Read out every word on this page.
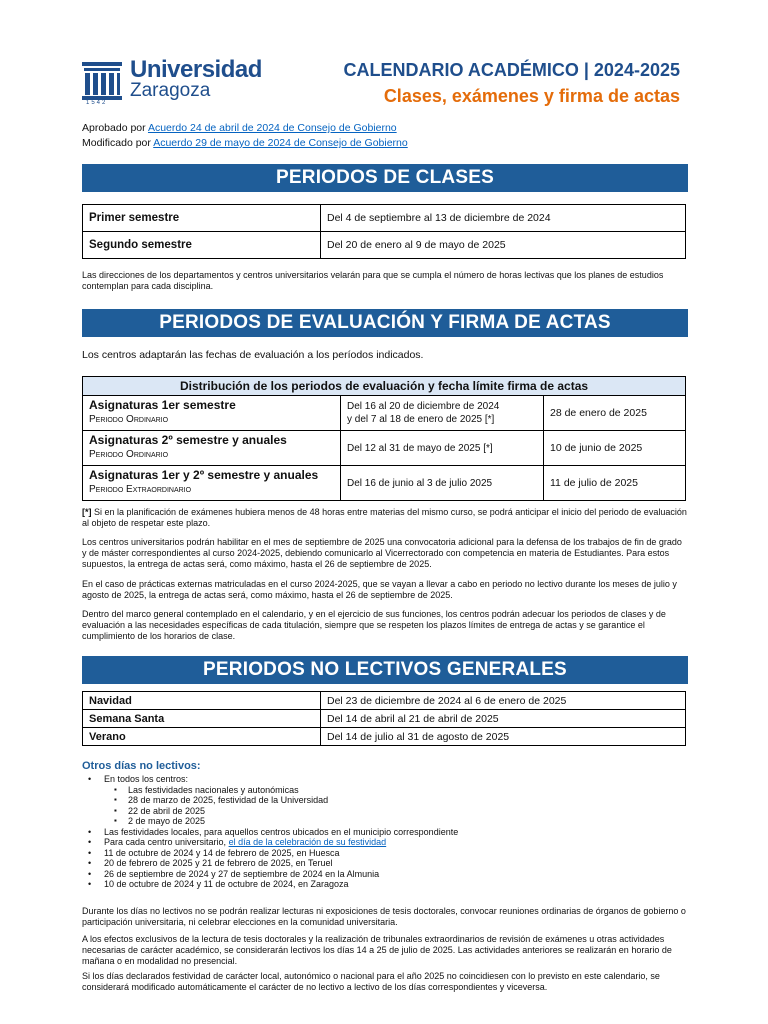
1542
Universidad
Zaragoza
CALENDARIO ACADÉMICO | 2024-2025
Clases, exámenes y firma de actas
Aprobado por Acuerdo 24 de abril de 2024 de Consejo de Gobierno
Modificado por Acuerdo 29 de mayo de 2024 de Consejo de Gobierno
PERIODOS DE CLASES
Primer semestre	Del 4 de septiembre al 13 de diciembre de 2024
Segundo semestre	Del 20 de enero al 9 de mayo de 2025
Las direcciones de los departamentos y centros universitarios velarán para que se cumpla el número de horas lectivas que los planes de estudios contemplan para cada disciplina.
PERIODOS DE EVALUACIÓN Y FIRMA DE ACTAS
Los centros adaptarán las fechas de evaluación a los períodos indicados.
Distribución de los periodos de evaluación y fecha límite firma de actas		

Asignaturas 1er semestre
Periodo Ordinario	Del 16 al 20 de diciembre de 2024
y del 7 al 18 de enero de 2025 [*]	28 de enero de 2025

Asignaturas 2º semestre y anuales
Periodo Ordinario	Del 12 al 31 de mayo de 2025 [*]	10 de junio de 2025

Asignaturas 1er y 2º semestre y anuales
Periodo Extraordinario	Del 16 de junio al 3 de julio 2025	11 de julio de 2025
[*] Si en la planificación de exámenes hubiera menos de 48 horas entre materias del mismo curso, se podrá anticipar el inicio del periodo de evaluación al objeto de respetar este plazo.
Los centros universitarios podrán habilitar en el mes de septiembre de 2025 una convocatoria adicional para la defensa de los trabajos de fin de grado y de máster correspondientes al curso 2024-2025, debiendo comunicarlo al Vicerrectorado con competencia en materia de Estudiantes. Para estos supuestos, la entrega de actas será, como máximo, hasta el 26 de septiembre de 2025.
En el caso de prácticas externas matriculadas en el curso 2024-2025, que se vayan a llevar a cabo en periodo no lectivo durante los meses de julio y agosto de 2025, la entrega de actas será, como máximo, hasta el 26 de septiembre de 2025.
Dentro del marco general contemplado en el calendario, y en el ejercicio de sus funciones, los centros podrán adecuar los periodos de clases y de evaluación a las necesidades específicas de cada titulación, siempre que se respeten los plazos límites de entrega de actas y se garantice el cumplimiento de los horarios de clase.
PERIODOS NO LECTIVOS GENERALES
Navidad	Del 23 de diciembre de 2024 al 6 de enero de 2025
Semana Santa	Del 14 de abril al 21 de abril de 2025
Verano	Del 14 de julio al 31 de agosto de 2025
Otros días no lectivos:
• En todos los centros:
▪ Las festividades nacionales y autonómicas
▪ 28 de marzo de 2025, festividad de la Universidad
▪ 22 de abril de 2025
▪ 2 de mayo de 2025
• Las festividades locales, para aquellos centros ubicados en el municipio correspondiente
• Para cada centro universitario, el día de la celebración de su festividad
• 11 de octubre de 2024 y 14 de febrero de 2025, en Huesca
• 20 de febrero de 2025 y 21 de febrero de 2025, en Teruel
• 26 de septiembre de 2024 y 27 de septiembre de 2024 en la Almunia
• 10 de octubre de 2024 y 11 de octubre de 2024, en Zaragoza
Durante los días no lectivos no se podrán realizar lecturas ni exposiciones de tesis doctorales, convocar reuniones ordinarias de órganos de gobierno o participación universitaria, ni celebrar elecciones en la comunidad universitaria.
A los efectos exclusivos de la lectura de tesis doctorales y la realización de tribunales extraordinarios de revisión de exámenes u otras actividades necesarias de carácter académico, se considerarán lectivos los días 14 a 25 de julio de 2025. Las actividades anteriores se realizarán en horario de mañana o en modalidad no presencial.
Si los días declarados festividad de carácter local, autonómico o nacional para el año 2025 no coincidiesen con lo previsto en este calendario, se considerará modificado automáticamente el carácter de no lectivo a lectivo de los días correspondientes y viceversa.
